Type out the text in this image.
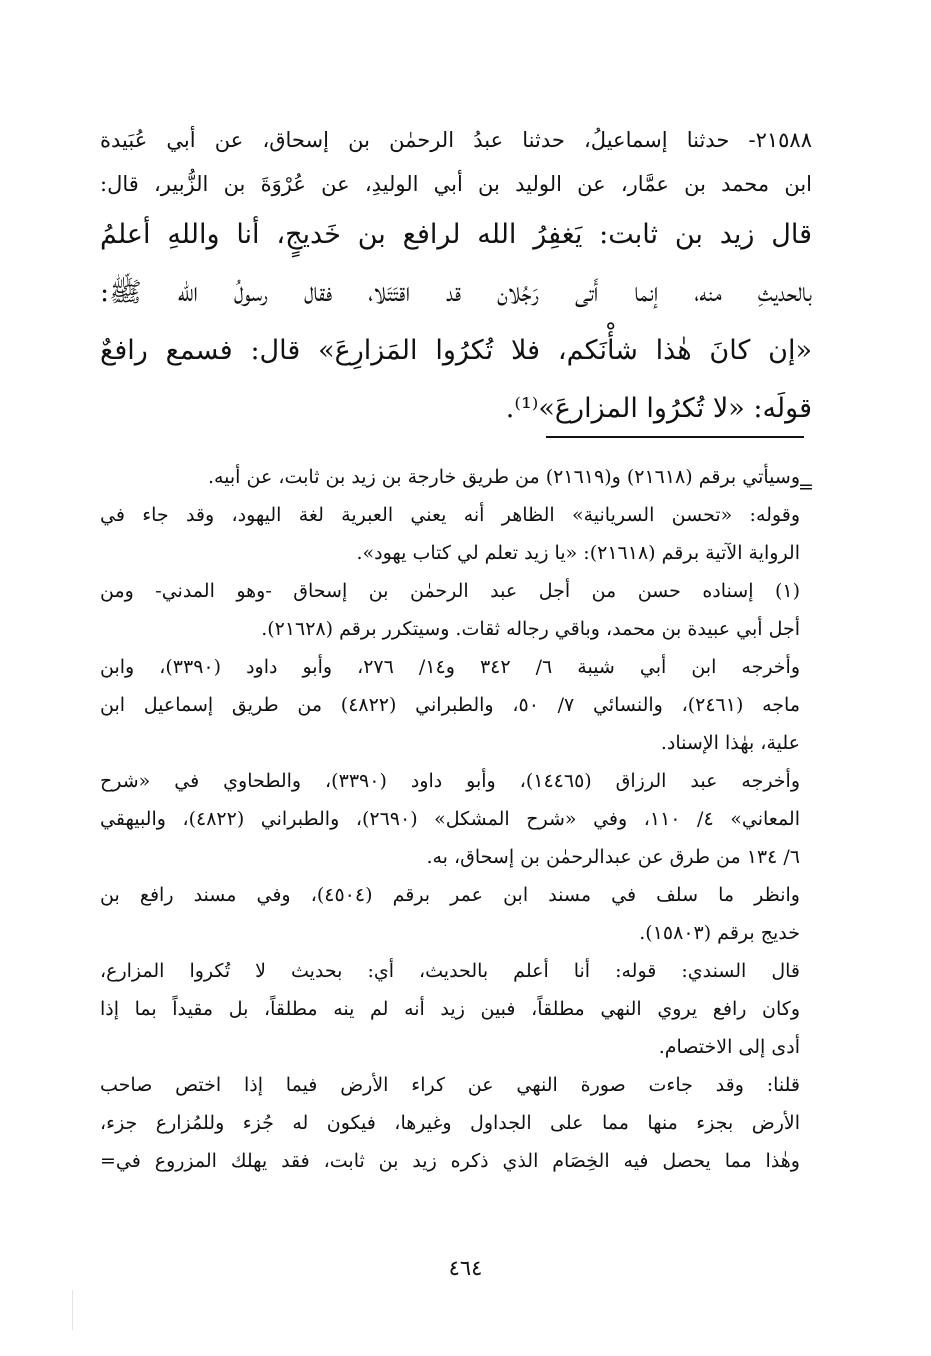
٢١٥٨٨- حدثنا إسماعيلُ، حدثنا عبدُ الرحمٰن بن إسحاق، عن أبي عُبَيدة

ابن محمد بن عمَّار، عن الوليد بن أبي الوليدِ، عن عُرْوَةَ بن الزُّبير، قال:

قال زيد بن ثابت: يَغفِرُ الله لرافع بن خَديجٍ، أنا واللهِ أعلمُ

بالحديثِ منه، إنما أَتى رَجُلان قد اقتَتَلا، فقال رسولُ الله ﷺ:

«إن كانَ هٰذا شأْنَكم، فلا تُكرُوا المَزارِعَ» قال: فسمع رافعٌ

قولَه: «لا تُكرُوا المزارعَ»⁽¹⁾.

=

وسيأتي برقم (٢١٦١٨) و(٢١٦١٩) من طريق خارجة بن زيد بن ثابت، عن أبيه.

وقوله: «تحسن السريانية» الظاهر أنه يعني العبرية لغة اليهود، وقد جاء في

الرواية الآتية برقم (٢١٦١٨): «يا زيد تعلم لي كتاب يهود».

(١) إسناده حسن من أجل عبد الرحمٰن بن إسحاق -وهو المدني- ومن

أجل أبي عبيدة بن محمد، وباقي رجاله ثقات. وسيتكرر برقم (٢١٦٢٨).

وأخرجه ابن أبي شيبة ٦/ ٣٤٢ و١٤/ ٢٧٦، وأبو داود (٣٣٩٠)، وابن

ماجه (٢٤٦١)، والنسائي ٧/ ٥٠، والطبراني (٤٨٢٢) من طريق إسماعيل ابن

علية، بهٰذا الإسناد.

وأخرجه عبد الرزاق (١٤٤٦٥)، وأبو داود (٣٣٩٠)، والطحاوي في «شرح

المعاني» ٤/ ١١٠، وفي «شرح المشكل» (٢٦٩٠)، والطبراني (٤٨٢٢)، والبيهقي

٦/ ١٣٤ من طرق عن عبدالرحمٰن بن إسحاق، به.

وانظر ما سلف في مسند ابن عمر برقم (٤٥٠٤)، وفي مسند رافع بن

خديج برقم (١٥٨٠٣).

قال السندي: قوله: أنا أعلم بالحديث، أي: بحديث لا تُكروا المزارع،

وكان رافع يروي النهي مطلقاً، فبين زيد أنه لم ينه مطلقاً، بل مقيداً بما إذا

أدى إلى الاختصام.

قلنا: وقد جاءت صورة النهي عن كراء الأرض فيما إذا اختص صاحب

الأرض بجزء منها مما على الجداول وغيرها، فيكون له جُزء وللمُزارع جزء،

وهٰذا مما يحصل فيه الخِصَام الذي ذكره زيد بن ثابت، فقد يهلك المزروع في=

٤٦٤
